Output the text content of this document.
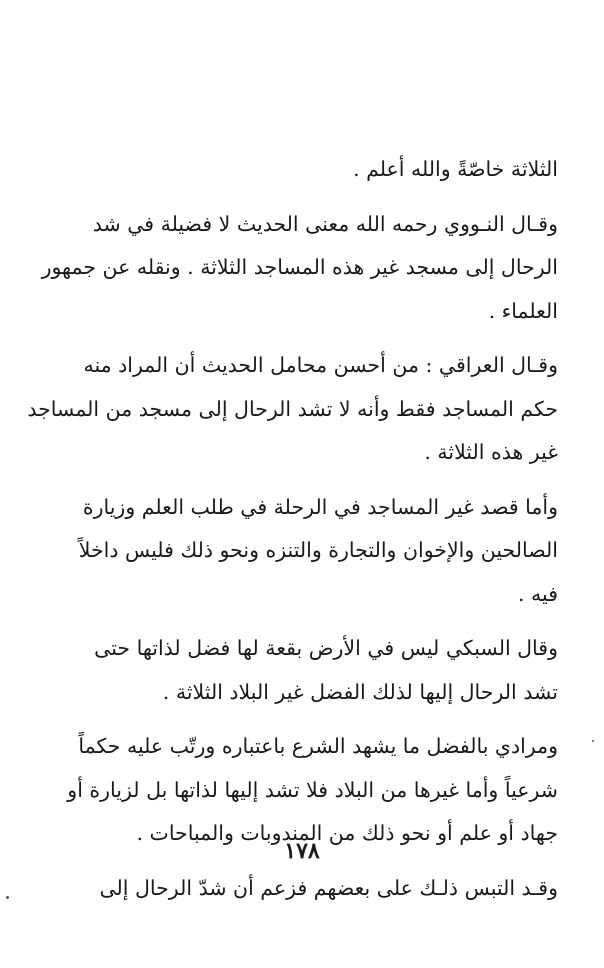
الثلاثة خاصّةً والله أعلم .

وقـال النـووي رحمه الله معنى الحديث لا فضيلة في شد
الرحال إلى مسجد غير هذه المساجد الثلاثة . ونقله عن جمهور
العلماء .

وقـال العراقي : من أحسن محامل الحديث أن المراد منه
حكم المساجد فقط وأنه لا تشد الرحال إلى مسجد من المساجد
غير هذه الثلاثة .

وأما قصد غير المساجد في الرحلة في طلب العلم وزيارة
الصالحين والإخوان والتجارة والتنزه ونحو ذلك فليس داخلاً
فيه .

وقال السبكي ليس في الأرض بقعة لها فضل لذاتها حتى
تشد الرحال إليها لذلك الفضل غير البلاد الثلاثة .

ومرادي بالفضل ما يشهد الشرع باعتباره ورتّب عليه حكماً
شرعياً وأما غيرها من البلاد فلا تشد إليها لذاتها بل لزيارة أو
جهاد أو علم أو نحو ذلك من المندوبات والمباحات .

وقـد التبس ذلـك على بعضهم فزعم أن شدّ الرحال إلى

١٧٨
